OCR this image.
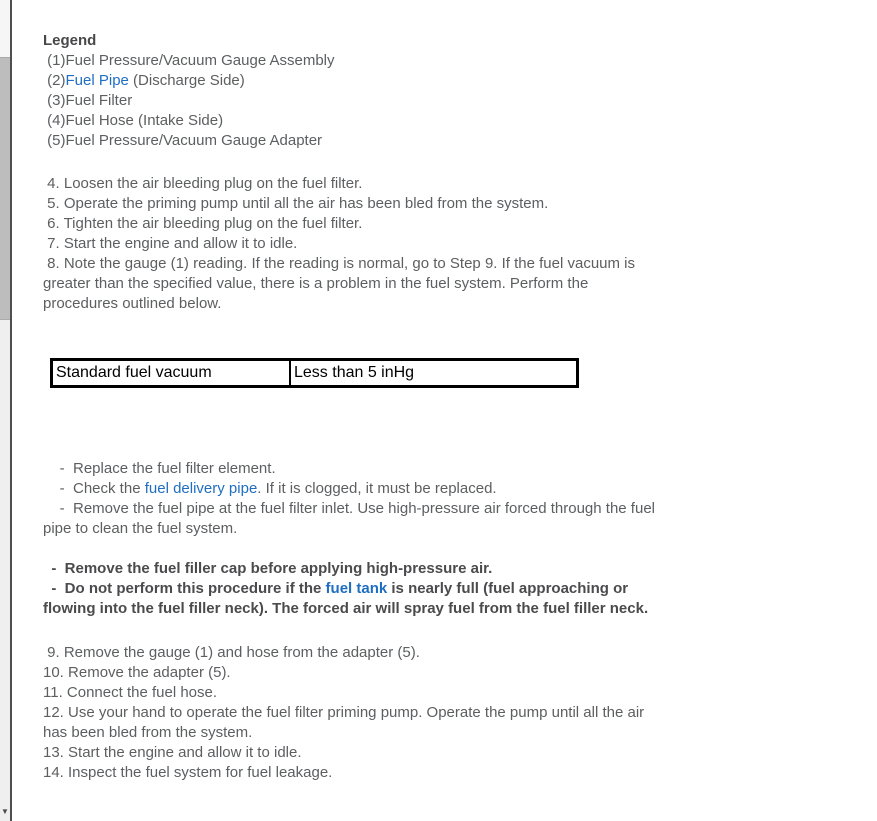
▼
Legend
(1)Fuel Pressure/Vacuum Gauge Assembly
(2)Fuel Pipe (Discharge Side)
(3)Fuel Filter
(4)Fuel Hose (Intake Side)
(5)Fuel Pressure/Vacuum Gauge Adapter
4. Loosen the air bleeding plug on the fuel filter.
5. Operate the priming pump until all the air has been bled from the system.
6. Tighten the air bleeding plug on the fuel filter.
7. Start the engine and allow it to idle.
8. Note the gauge (1) reading. If the reading is normal, go to Step 9. If the fuel vacuum is greater than the specified value, there is a problem in the fuel system. Perform the procedures outlined below.
Standard fuel vacuum	Less than 5 inHg
-  Replace the fuel filter element.
-  Check the fuel delivery pipe. If it is clogged, it must be replaced.
-  Remove the fuel pipe at the fuel filter inlet. Use high-pressure air forced through the fuel pipe to clean the fuel system.
-  Remove the fuel filler cap before applying high-pressure air.
-  Do not perform this procedure if the fuel tank is nearly full (fuel approaching or flowing into the fuel filler neck). The forced air will spray fuel from the fuel filler neck.
9. Remove the gauge (1) and hose from the adapter (5).
10. Remove the adapter (5).
11. Connect the fuel hose.
12. Use your hand to operate the fuel filter priming pump. Operate the pump until all the air has been bled from the system.
13. Start the engine and allow it to idle.
14. Inspect the fuel system for fuel leakage.
